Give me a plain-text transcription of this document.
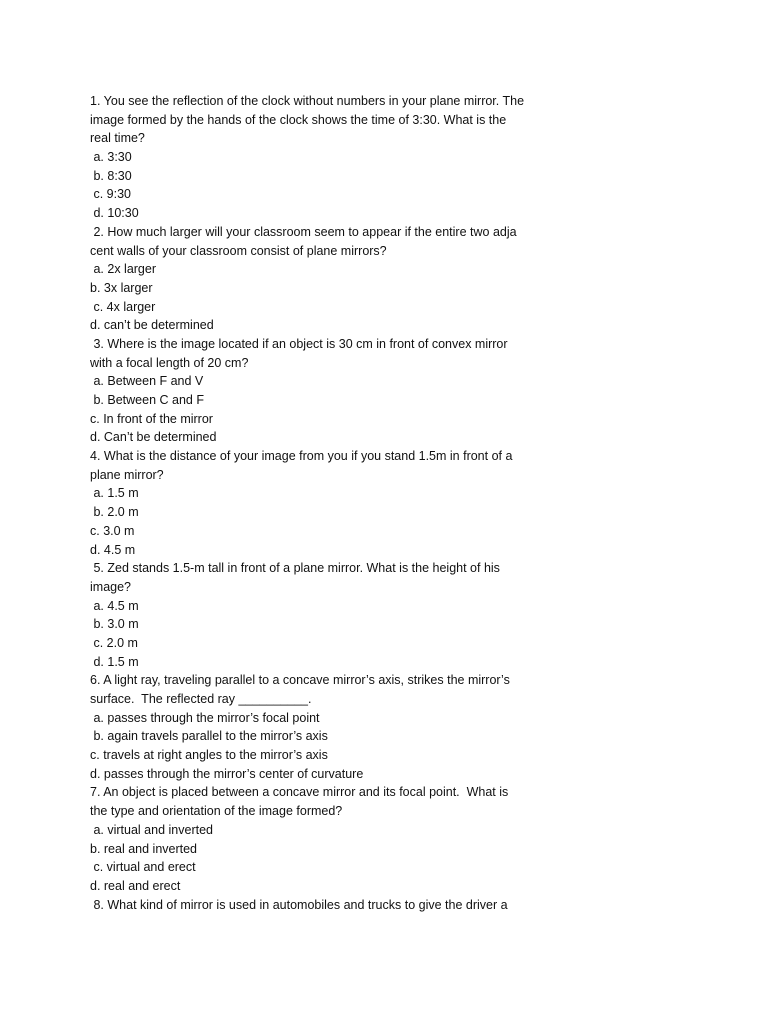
1. You see the reflection of the clock without numbers in your plane mirror. The
image formed by the hands of the clock shows the time of 3:30. What is the
real time?
a. 3:30
b. 8:30
c. 9:30
d. 10:30
2. How much larger will your classroom seem to appear if the entire two adja
cent walls of your classroom consist of plane mirrors?
a. 2x larger
b. 3x larger
c. 4x larger
d. can’t be determined
3. Where is the image located if an object is 30 cm in front of convex mirror
with a focal length of 20 cm?
a. Between F and V
b. Between C and F
c. In front of the mirror
d. Can’t be determined
4. What is the distance of your image from you if you stand 1.5m in front of a
plane mirror?
a. 1.5 m
b. 2.0 m
c. 3.0 m
d. 4.5 m
5. Zed stands 1.5-m tall in front of a plane mirror. What is the height of his
image?
a. 4.5 m
b. 3.0 m
c. 2.0 m
d. 1.5 m
6. A light ray, traveling parallel to a concave mirror’s axis, strikes the mirror’s
surface.  The reflected ray __________.
a. passes through the mirror’s focal point
b. again travels parallel to the mirror’s axis
c. travels at right angles to the mirror’s axis
d. passes through the mirror’s center of curvature
7. An object is placed between a concave mirror and its focal point.  What is
the type and orientation of the image formed?
a. virtual and inverted
b. real and inverted
c. virtual and erect
d. real and erect
8. What kind of mirror is used in automobiles and trucks to give the driver a
